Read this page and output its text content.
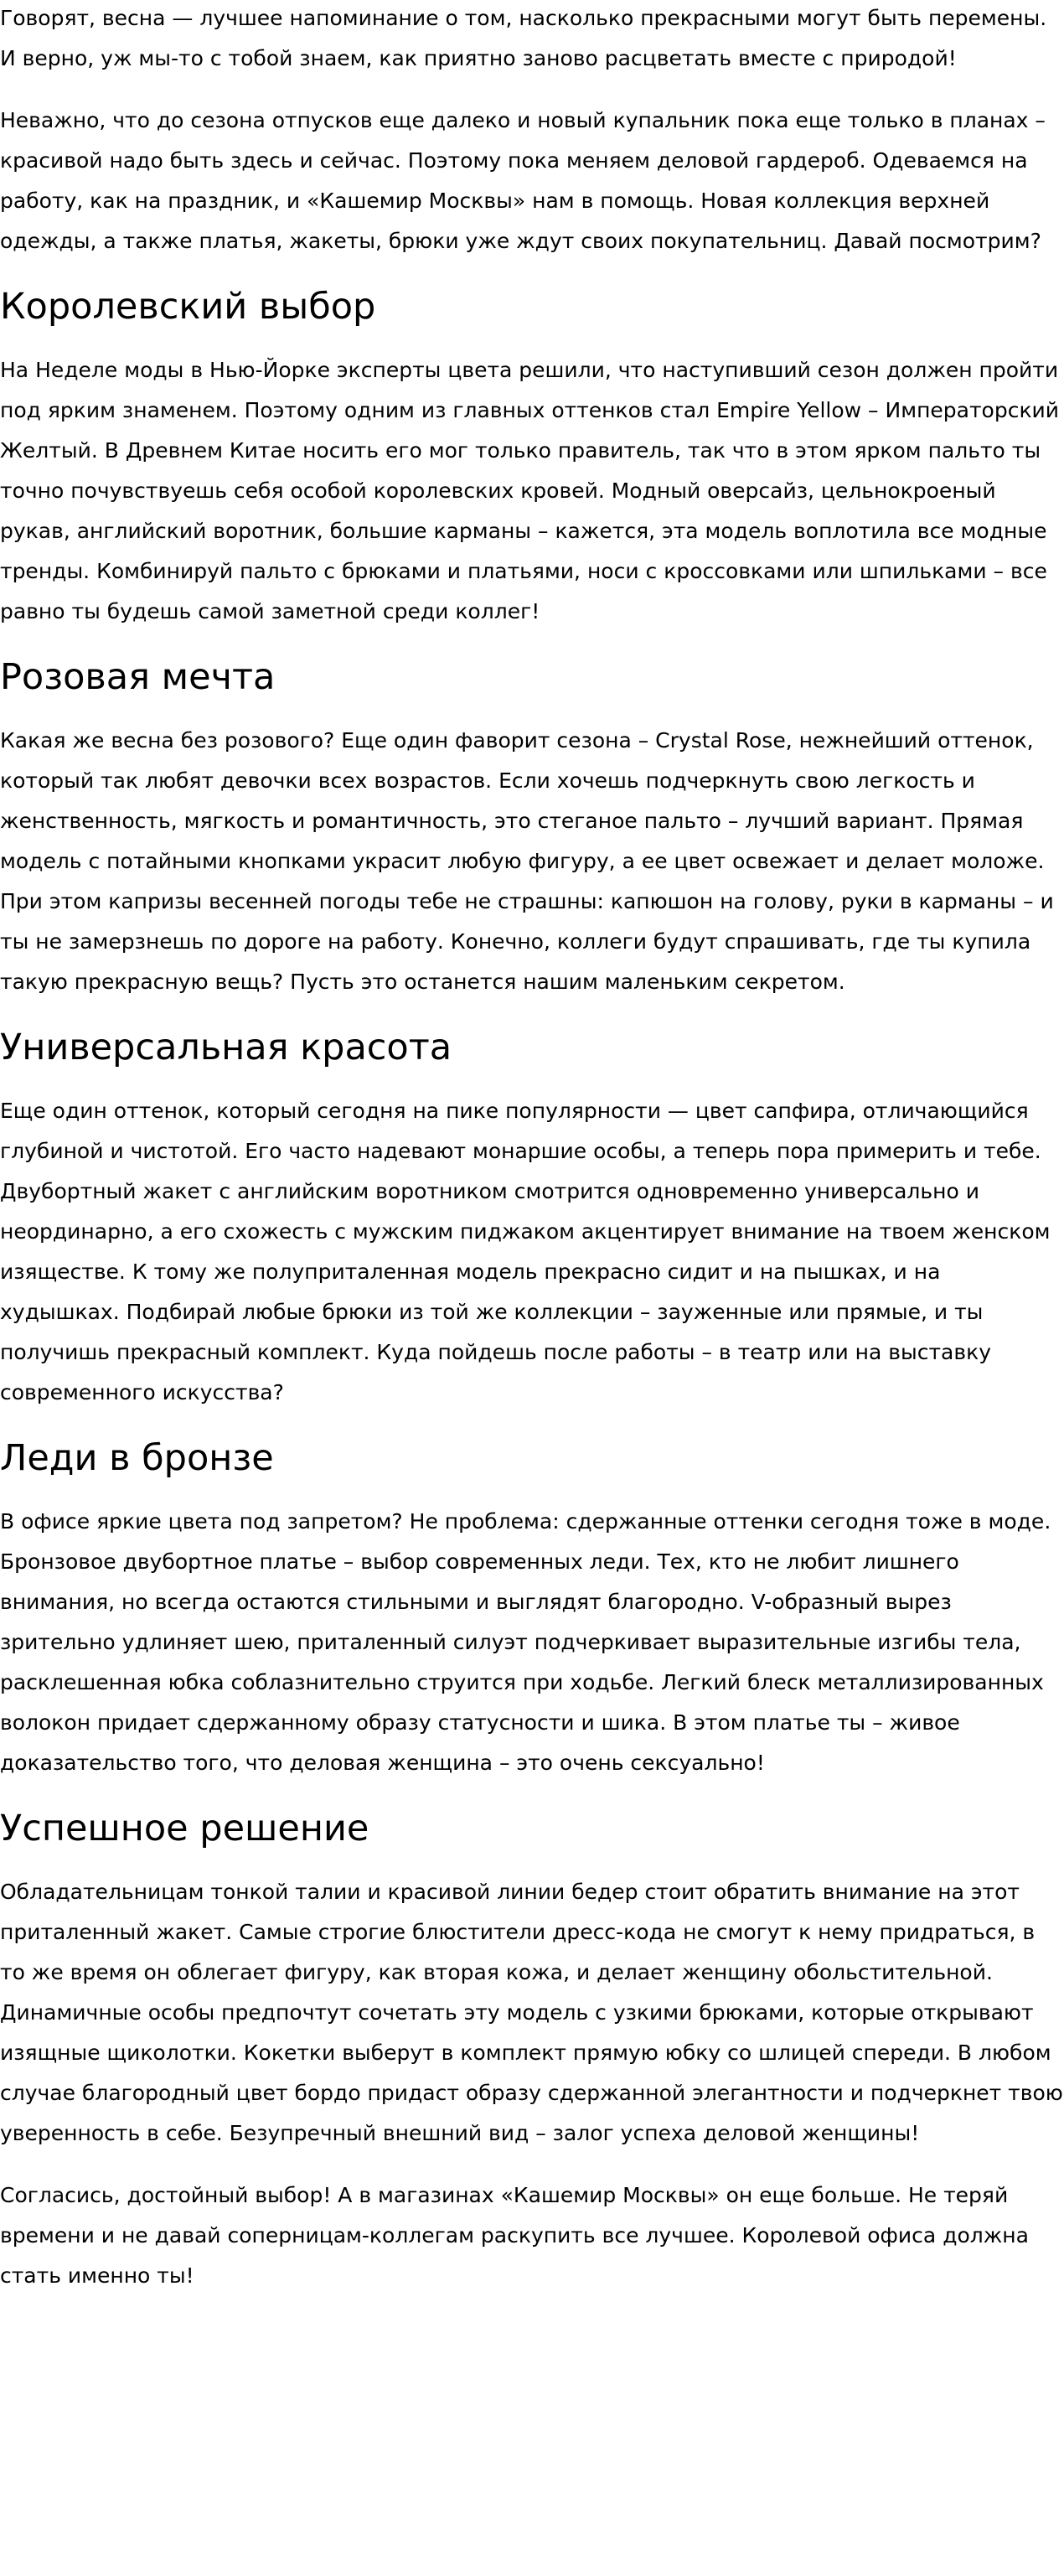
Говорят, весна — лучшее напоминание о том, насколько прекрасными могут быть перемены. И верно, уж мы-то с тобой знаем, как приятно заново расцветать вместе с природой!

Неважно, что до сезона отпусков еще далеко и новый купальник пока еще только в планах – красивой надо быть здесь и сейчас. Поэтому пока меняем деловой гардероб. Одеваемся на работу, как на праздник, и «Кашемир Москвы» нам в помощь. Новая коллекция верхней одежды, а также платья, жакеты, брюки уже ждут своих покупательниц. Давай посмотрим?

Королевский выбор

На Неделе моды в Нью-Йорке эксперты цвета решили, что наступивший сезон должен пройти под ярким знаменем. Поэтому одним из главных оттенков стал Empire Yellow – Императорский Желтый. В Древнем Китае носить его мог только правитель, так что в этом ярком пальто ты точно почувствуешь себя особой королевских кровей. Модный оверсайз, цельнокроеный рукав, английский воротник, большие карманы – кажется, эта модель воплотила все модные тренды. Комбинируй пальто с брюками и платьями, носи с кроссовками или шпильками – все равно ты будешь самой заметной среди коллег!

Розовая мечта

Какая же весна без розового? Еще один фаворит сезона – Crystal Rose, нежнейший оттенок, который так любят девочки всех возрастов. Если хочешь подчеркнуть свою легкость и женственность, мягкость и романтичность, это стеганое пальто – лучший вариант. Прямая модель с потайными кнопками украсит любую фигуру, а ее цвет освежает и делает моложе. При этом капризы весенней погоды тебе не страшны: капюшон на голову, руки в карманы – и ты не замерзнешь по дороге на работу. Конечно, коллеги будут спрашивать, где ты купила такую прекрасную вещь? Пусть это останется нашим маленьким секретом.

Универсальная красота

Еще один оттенок, который сегодня на пике популярности — цвет сапфира, отличающийся глубиной и чистотой. Его часто надевают монаршие особы, а теперь пора примерить и тебе. Двубортный жакет с английским воротником смотрится одновременно универсально и неординарно, а его схожесть с мужским пиджаком акцентирует внимание на твоем женском изяществе. К тому же полуприталенная модель прекрасно сидит и на пышках, и на худышках. Подбирай любые брюки из той же коллекции – зауженные или прямые, и ты получишь прекрасный комплект. Куда пойдешь после работы – в театр или на выставку современного искусства?

Леди в бронзе

В офисе яркие цвета под запретом? Не проблема: сдержанные оттенки сегодня тоже в моде. Бронзовое двубортное платье – выбор современных леди. Тех, кто не любит лишнего внимания, но всегда остаются стильными и выглядят благородно. V-образный вырез зрительно удлиняет шею, приталенный силуэт подчеркивает выразительные изгибы тела, расклешенная юбка соблазнительно струится при ходьбе. Легкий блеск металлизированных волокон придает сдержанному образу статусности и шика. В этом платье ты – живое доказательство того, что деловая женщина – это очень сексуально!

Успешное решение

Обладательницам тонкой талии и красивой линии бедер стоит обратить внимание на этот приталенный жакет. Самые строгие блюстители дресс-кода не смогут к нему придраться, в то же время он облегает фигуру, как вторая кожа, и делает женщину обольстительной. Динамичные особы предпочтут сочетать эту модель с узкими брюками, которые открывают изящные щиколотки. Кокетки выберут в комплект прямую юбку со шлицей спереди. В любом случае благородный цвет бордо придаст образу сдержанной элегантности и подчеркнет твою уверенность в себе. Безупречный внешний вид – залог успеха деловой женщины!

Согласись, достойный выбор! А в магазинах «Кашемир Москвы» он еще больше. Не теряй времени и не давай соперницам-коллегам раскупить все лучшее. Королевой офиса должна стать именно ты!
